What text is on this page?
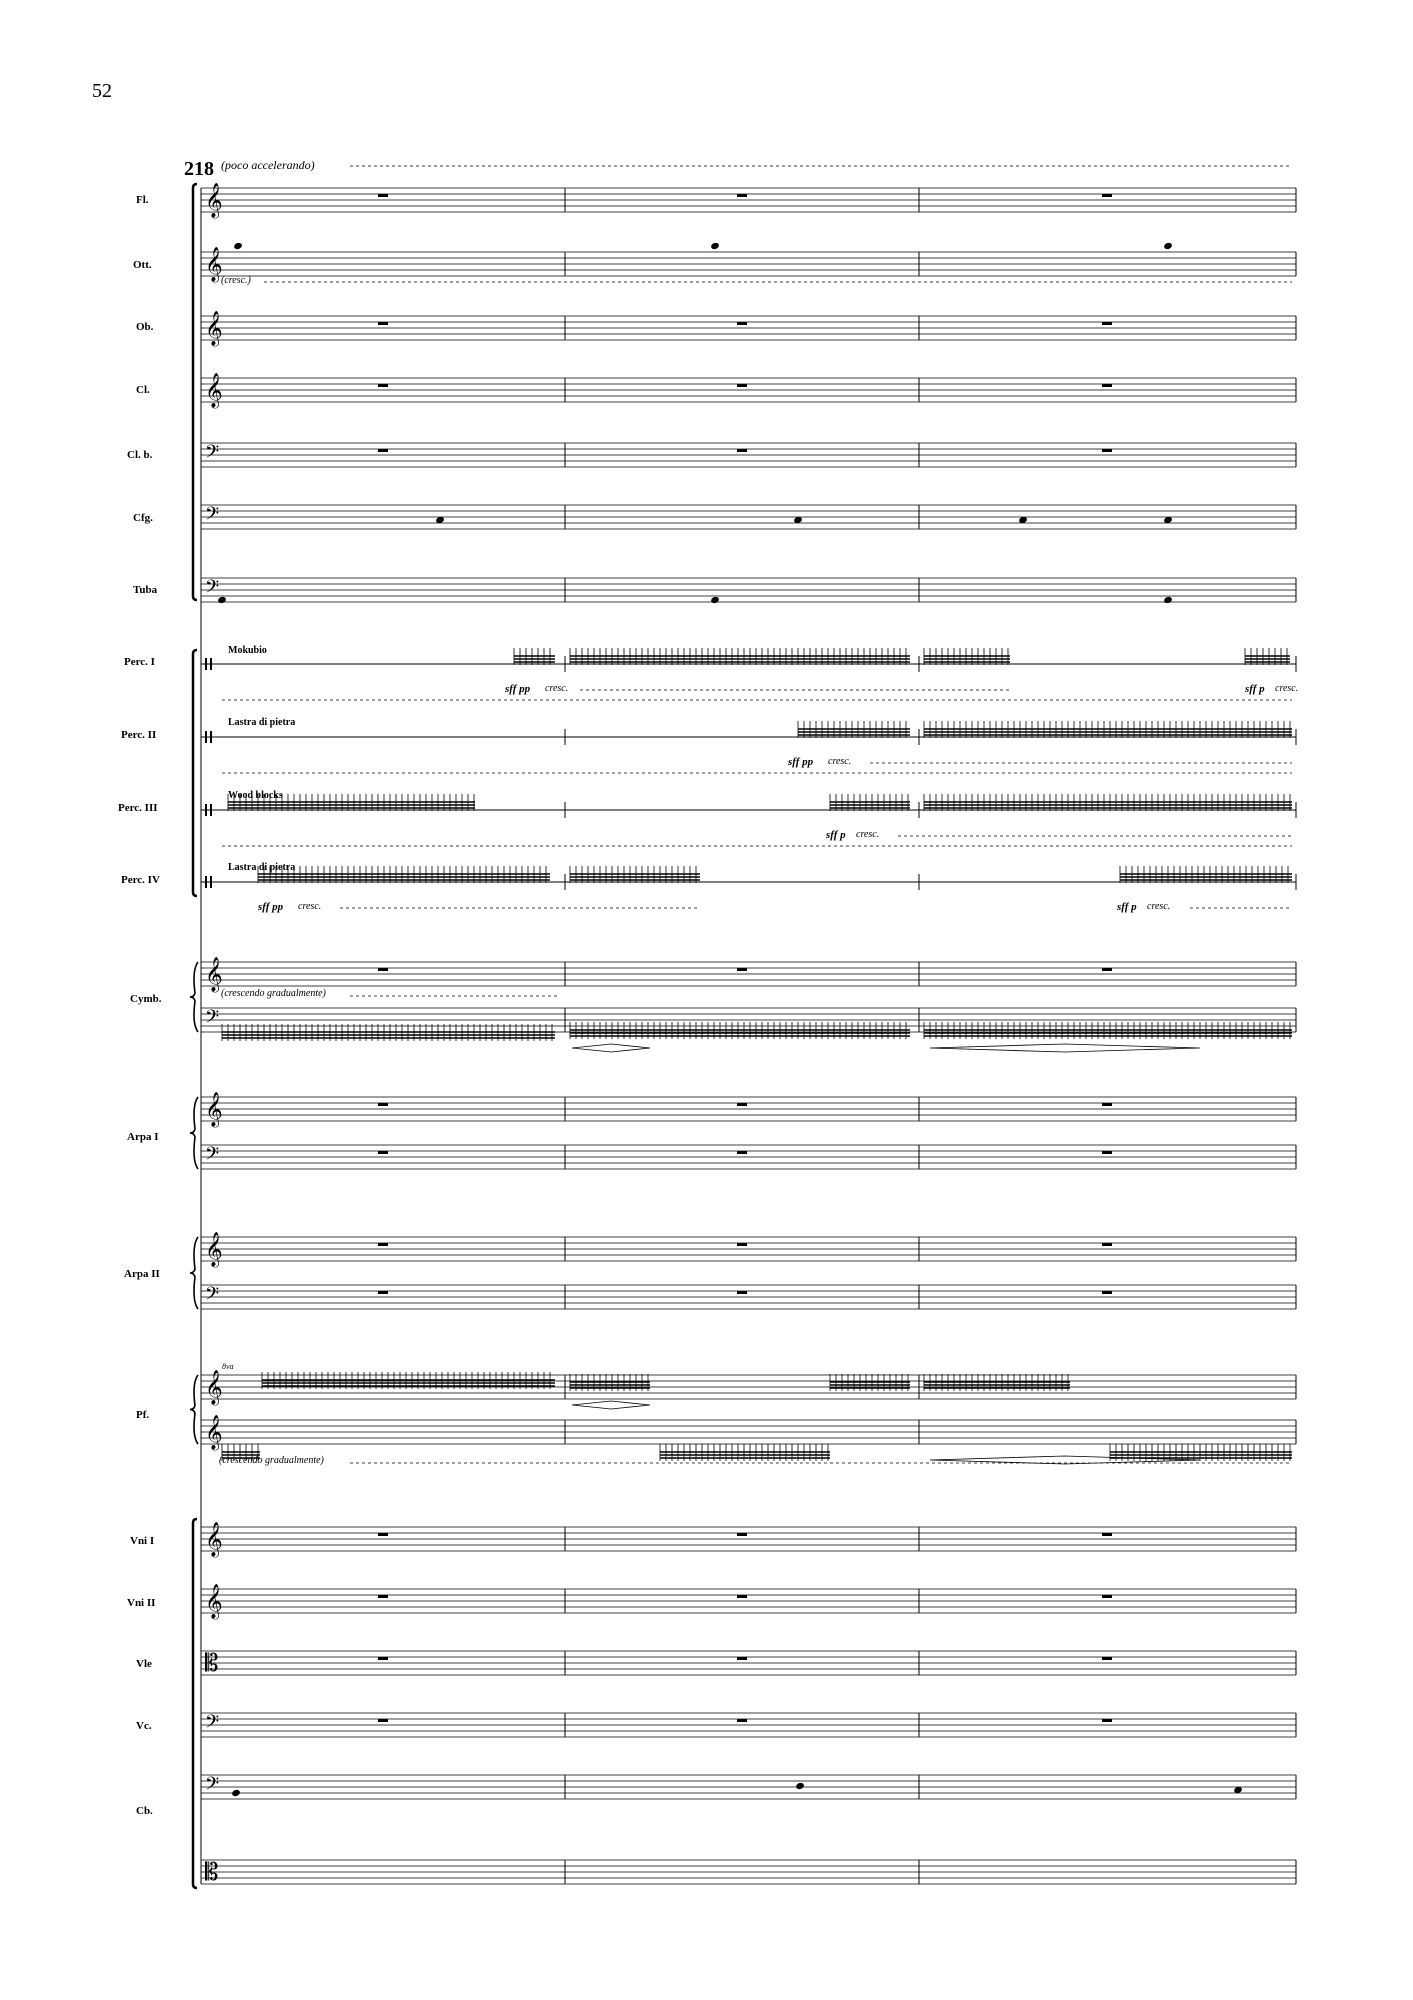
52
218 (poco accelerando)
𝄞
𝄞
𝄞
𝄞
𝄞
𝄞
𝄞
𝄞
𝄞
𝄞
𝄞
𝄢
𝄢
𝄢
𝄢
𝄢
𝄢
𝄢
𝄢
𝄡
𝄡
Fl.
Ott.
Ob.
Cl.
Cl. b.
Cfg.
Tuba
Perc. I
Perc. II
Perc. III
Perc. IV
Cymb.
Arpa I
Arpa II
Pf.
Vni I
Vni II
Vle
Vc.
Cb.
Mokubio
Lastra di pietra
Wood blocks
Lastra di pietra
sff pp cresc.	sff p cresc.
sff pp cresc.
sff p cresc.
sff pp cresc.	sff p cresc.
(cresc.)
(crescendo gradualmente)
(crescendo gradualmente)
8va
